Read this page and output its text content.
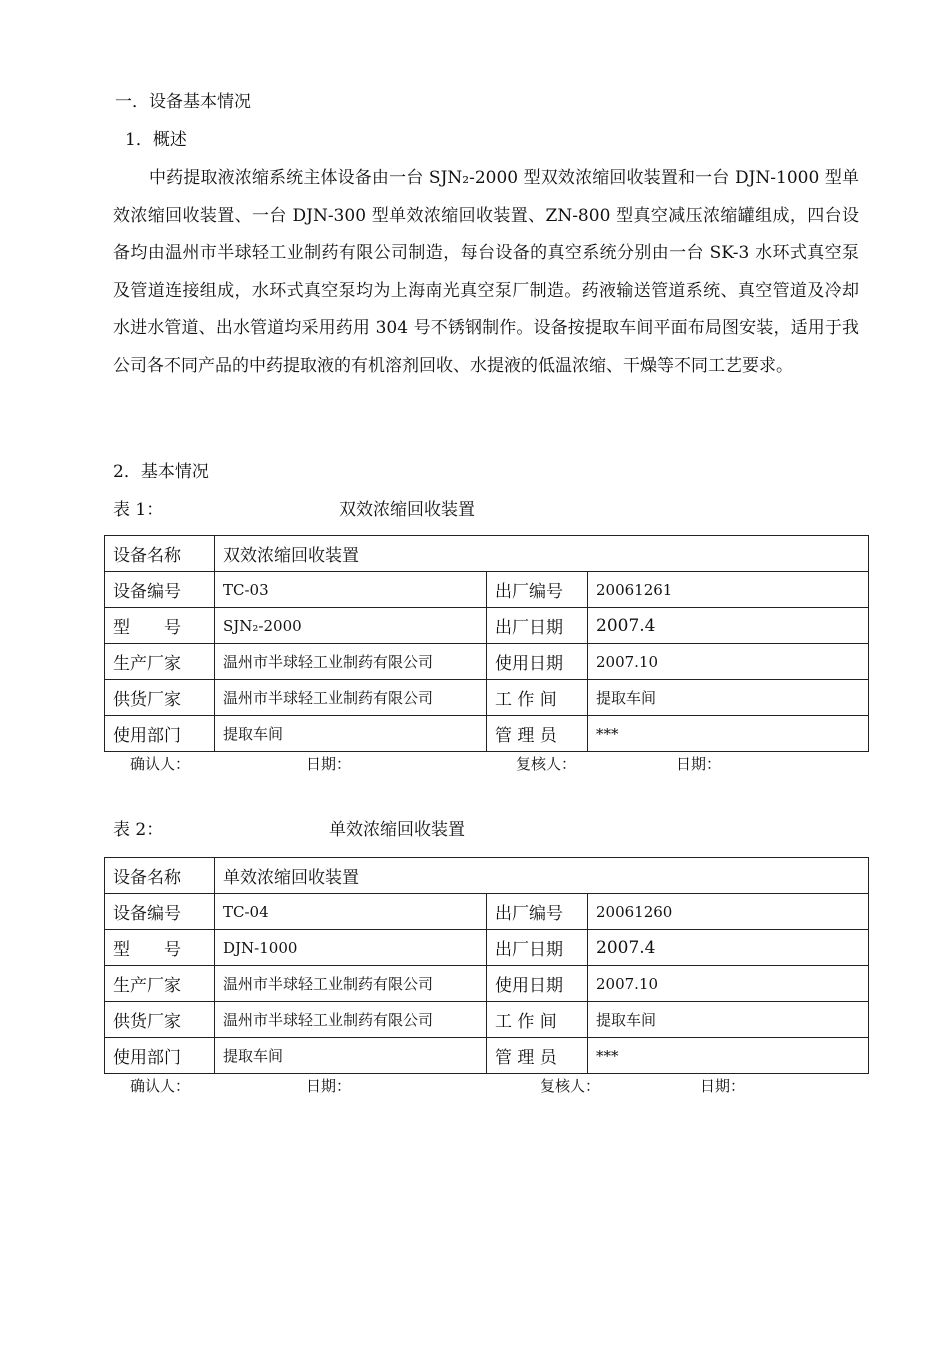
一．设备基本情况
1．概述
中药提取液浓缩系统主体设备由一台 SJN₂-2000 型双效浓缩回收装置和一台 DJN-1000 型单效浓缩回收装置、一台 DJN-300 型单效浓缩回收装置、ZN-800 型真空减压浓缩罐组成，四台设备均由温州市半球轻工业制药有限公司制造，每台设备的真空系统分别由一台 SK-3 水环式真空泵及管道连接组成，水环式真空泵均为上海南光真空泵厂制造。药液输送管道系统、真空管道及冷却水进水管道、出水管道均采用药用 304 号不锈钢制作。设备按提取车间平面布局图安装，适用于我公司各不同产品的中药提取液的有机溶剂回收、水提液的低温浓缩、干燥等不同工艺要求。
2．基本情况
表 1：	双效浓缩回收装置
设备名称	双效浓缩回收装置		
设备编号	TC-03	出厂编号	20061261
型　　号	SJN₂-2000	出厂日期	2007.4
生产厂家	温州市半球轻工业制药有限公司	使用日期	2007.10
供货厂家	温州市半球轻工业制药有限公司	工 作 间	提取车间
使用部门	提取车间	管 理 员	***
确认人：	日期：	复核人：	日期：
表 2：	单效浓缩回收装置
设备名称	单效浓缩回收装置		
设备编号	TC-04	出厂编号	20061260
型　　号	DJN-1000	出厂日期	2007.4
生产厂家	温州市半球轻工业制药有限公司	使用日期	2007.10
供货厂家	温州市半球轻工业制药有限公司	工 作 间	提取车间
使用部门	提取车间	管 理 员	***
确认人：	日期：	复核人：	日期：
